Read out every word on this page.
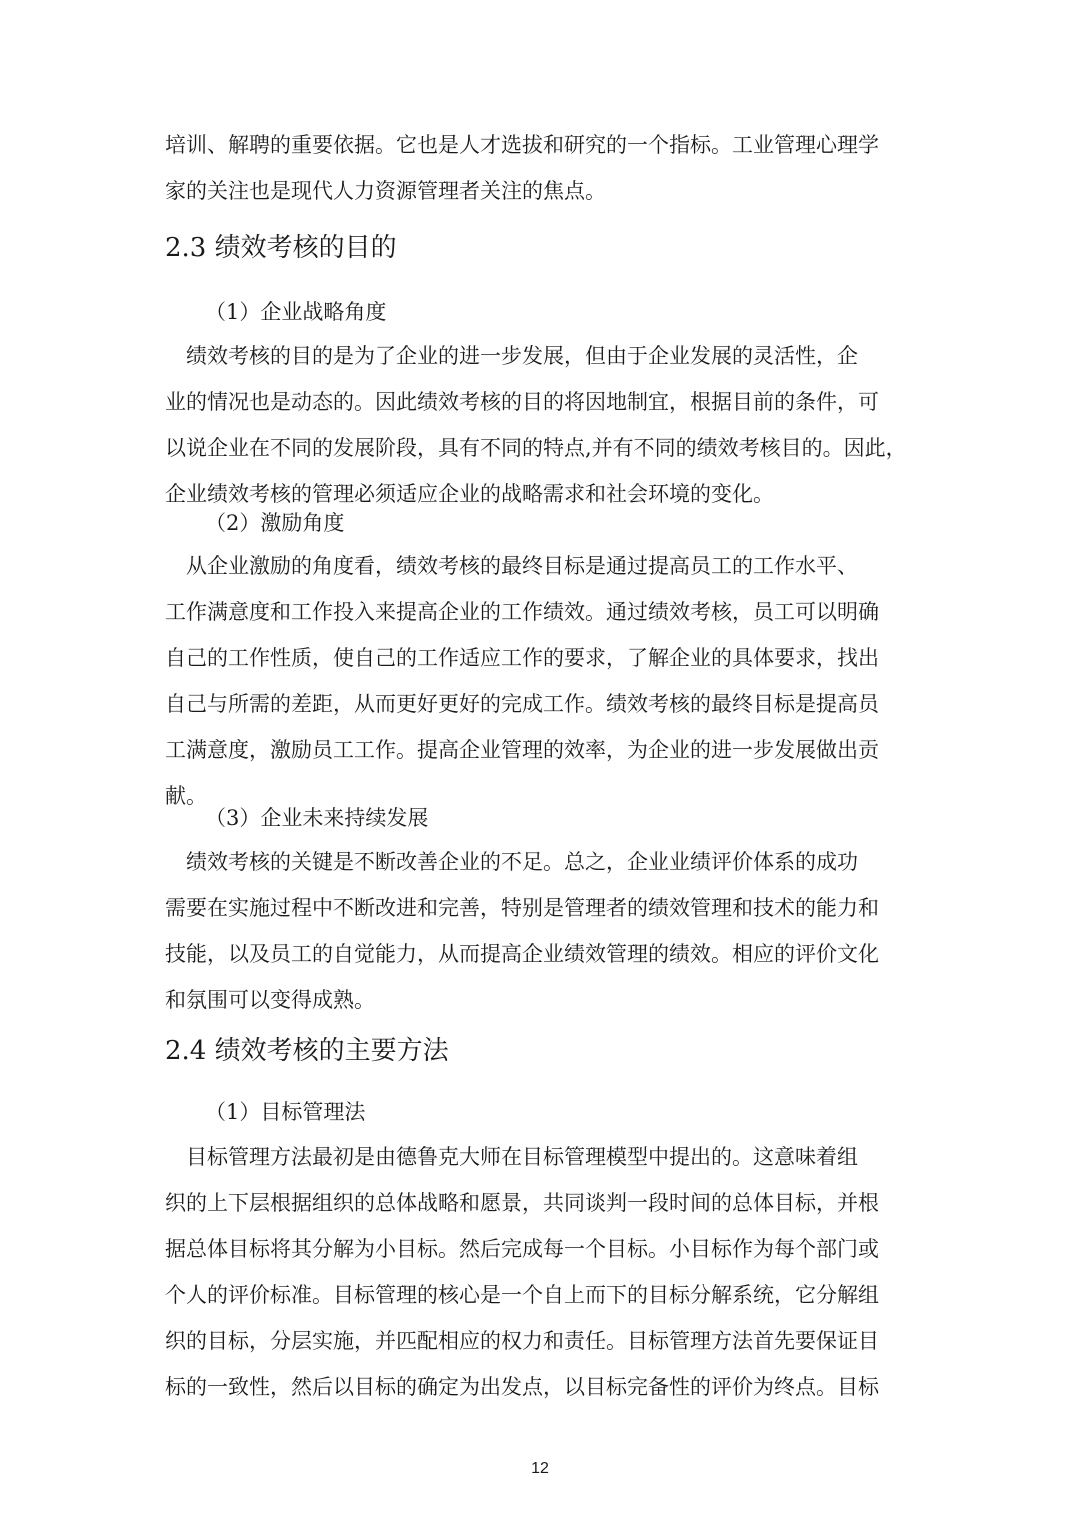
培训、解聘的重要依据。它也是人才选拔和研究的一个指标。工业管理心理学
家的关注也是现代人力资源管理者关注的焦点。
2.3 绩效考核的目的
（1）企业战略角度
　绩效考核的目的是为了企业的进一步发展，但由于企业发展的灵活性，企
业的情况也是动态的。因此绩效考核的目的将因地制宜，根据目前的条件，可
以说企业在不同的发展阶段，具有不同的特点,并有不同的绩效考核目的。因此，
企业绩效考核的管理必须适应企业的战略需求和社会环境的变化。
（2）激励角度
　从企业激励的角度看，绩效考核的最终目标是通过提高员工的工作水平、
工作满意度和工作投入来提高企业的工作绩效。通过绩效考核，员工可以明确
自己的工作性质，使自己的工作适应工作的要求，了解企业的具体要求，找出
自己与所需的差距，从而更好更好的完成工作。绩效考核的最终目标是提高员
工满意度，激励员工工作。提高企业管理的效率，为企业的进一步发展做出贡
献。
（3）企业未来持续发展
　绩效考核的关键是不断改善企业的不足。总之，企业业绩评价体系的成功
需要在实施过程中不断改进和完善，特别是管理者的绩效管理和技术的能力和
技能，以及员工的自觉能力，从而提高企业绩效管理的绩效。相应的评价文化
和氛围可以变得成熟。
2.4 绩效考核的主要方法
（1）目标管理法
　目标管理方法最初是由德鲁克大师在目标管理模型中提出的。这意味着组
织的上下层根据组织的总体战略和愿景，共同谈判一段时间的总体目标，并根
据总体目标将其分解为小目标。然后完成每一个目标。小目标作为每个部门或
个人的评价标准。目标管理的核心是一个自上而下的目标分解系统，它分解组
织的目标，分层实施，并匹配相应的权力和责任。目标管理方法首先要保证目
标的一致性，然后以目标的确定为出发点，以目标完备性的评价为终点。目标
12
